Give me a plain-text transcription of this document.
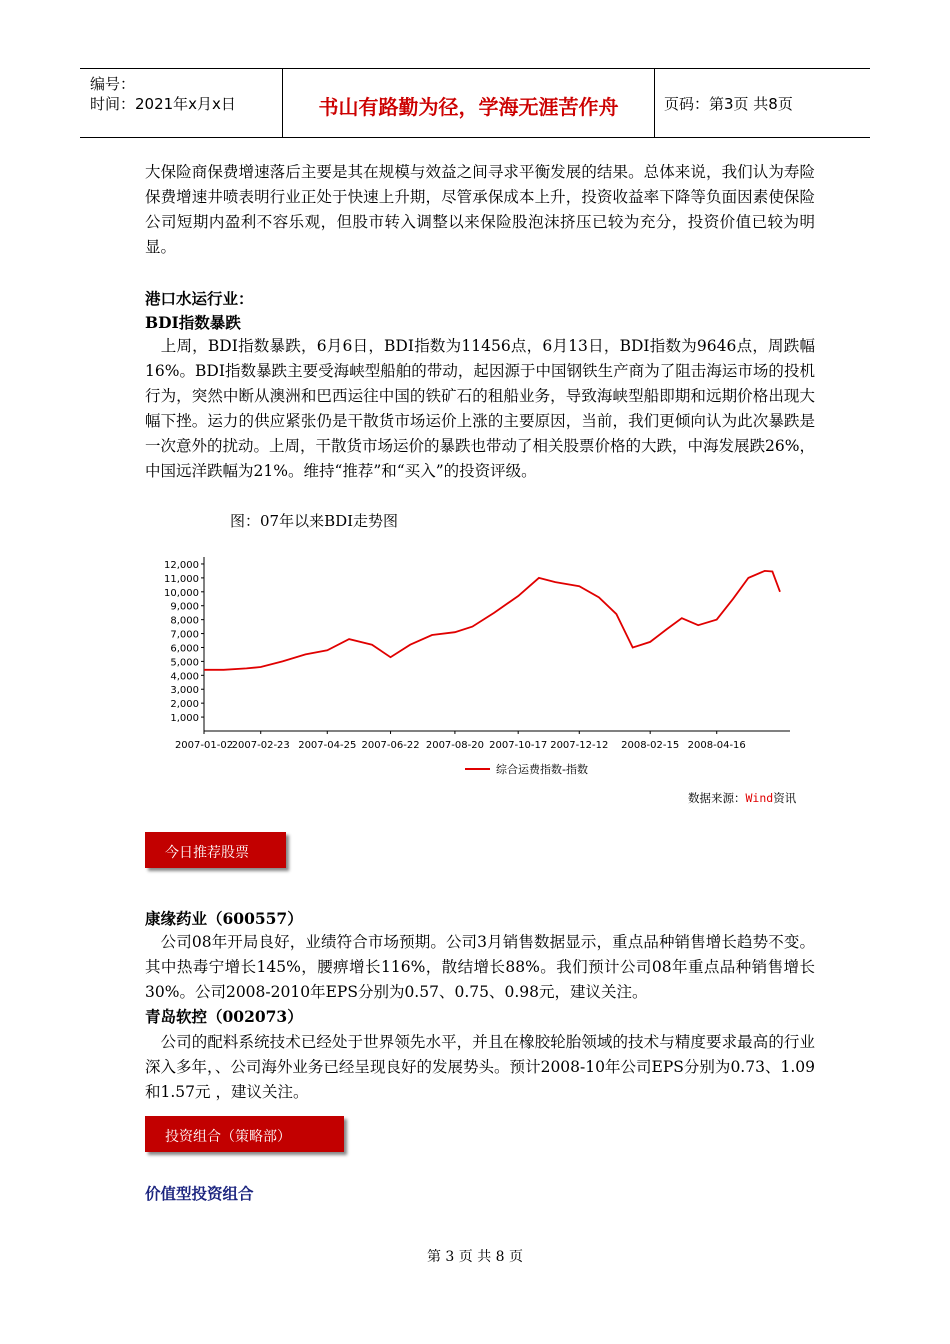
编号：
时间：2021年x月x日	书山有路勤为径，学海无涯苦作舟	页码：第3页 共8页
大保险商保费增速落后主要是其在规模与效益之间寻求平衡发展的结果。总体来说，我们认为寿险保费增速井喷表明行业正处于快速上升期，尽管承保成本上升，投资收益率下降等负面因素使保险公司短期内盈利不容乐观，但股市转入调整以来保险股泡沫挤压已较为充分，投资价值已较为明显。
港口水运行业：
BDI指数暴跌
　上周，BDI指数暴跌，6月6日，BDI指数为11456点，6月13日，BDI指数为9646点，周跌幅16%。BDI指数暴跌主要受海峡型船舶的带动，起因源于中国钢铁生产商为了阻击海运市场的投机行为，突然中断从澳洲和巴西运往中国的铁矿石的租船业务，导致海峡型船即期和远期价格出现大幅下挫。运力的供应紧张仍是干散货市场运价上涨的主要原因，当前，我们更倾向认为此次暴跌是一次意外的扰动。上周，干散货市场运价的暴跌也带动了相关股票价格的大跌，中海发展跌26%，中国远洋跌幅为21%。维持“推荐”和“买入”的投资评级。
图：07年以来BDI走势图
12,000
11,000
10,000
9,000
8,000
7,000
6,000
5,000
4,000
3,000
2,000
1,000
2007-01-02
2007-02-23 2007-04-25 2007-06-22 2007-08-20 2007-10-17 2007-12-12 2008-02-15 2008-04-16
综合运费指数-指数
数据来源：Wind资讯
今日推荐股票
康缘药业（600557）
　公司08年开局良好，业绩符合市场预期。公司3月销售数据显示，重点品种销售增长趋势不变。其中热毒宁增长145%，腰痹增长116%，散结增长88%。我们预计公司08年重点品种销售增长30%。公司2008-2010年EPS分别为0.57、0.75、0.98元，建议关注。
青岛软控（002073）
　公司的配料系统技术已经处于世界领先水平，并且在橡胶轮胎领域的技术与精度要求最高的行业深入多年，、公司海外业务已经呈现良好的发展势头。预计2008-10年公司EPS分别为0.73、1.09和1.57元 ，建议关注。
投资组合（策略部）
价值型投资组合
第 3 页 共 8 页
